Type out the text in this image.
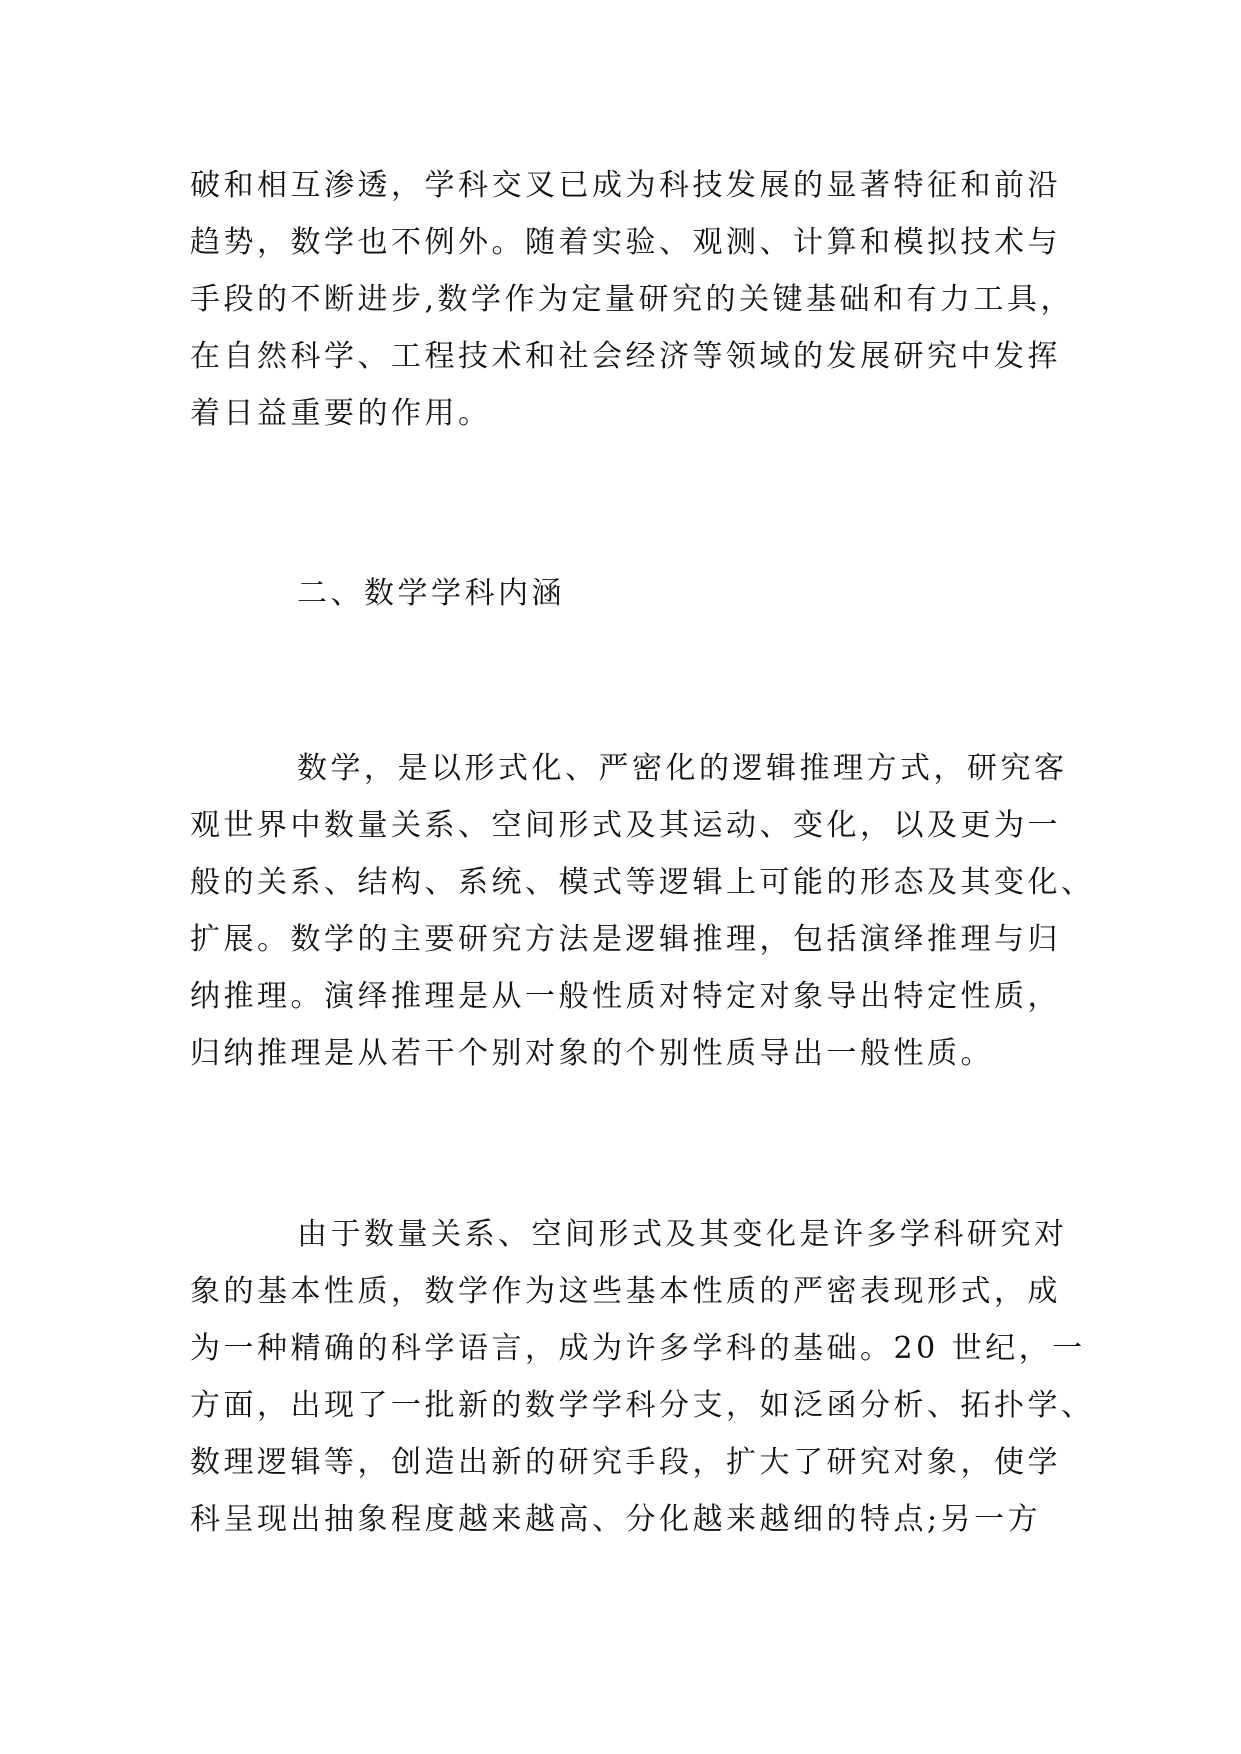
破和相互渗透，学科交叉已成为科技发展的显著特征和前沿
趋势，数学也不例外。随着实验、观测、计算和模拟技术与
手段的不断进步,数学作为定量研究的关键基础和有力工具，
在自然科学、工程技术和社会经济等领域的发展研究中发挥
着日益重要的作用。
二、数学学科内涵
数学，是以形式化、严密化的逻辑推理方式，研究客
观世界中数量关系、空间形式及其运动、变化，以及更为一
般的关系、结构、系统、模式等逻辑上可能的形态及其变化、
扩展。数学的主要研究方法是逻辑推理，包括演绎推理与归
纳推理。演绎推理是从一般性质对特定对象导出特定性质，
归纳推理是从若干个别对象的个别性质导出一般性质。
由于数量关系、空间形式及其变化是许多学科研究对
象的基本性质，数学作为这些基本性质的严密表现形式，成
为一种精确的科学语言，成为许多学科的基础。20 世纪，一
方面，出现了一批新的数学学科分支，如泛函分析、拓扑学、
数理逻辑等，创造出新的研究手段，扩大了研究对象，使学
科呈现出抽象程度越来越高、分化越来越细的特点;另一方
